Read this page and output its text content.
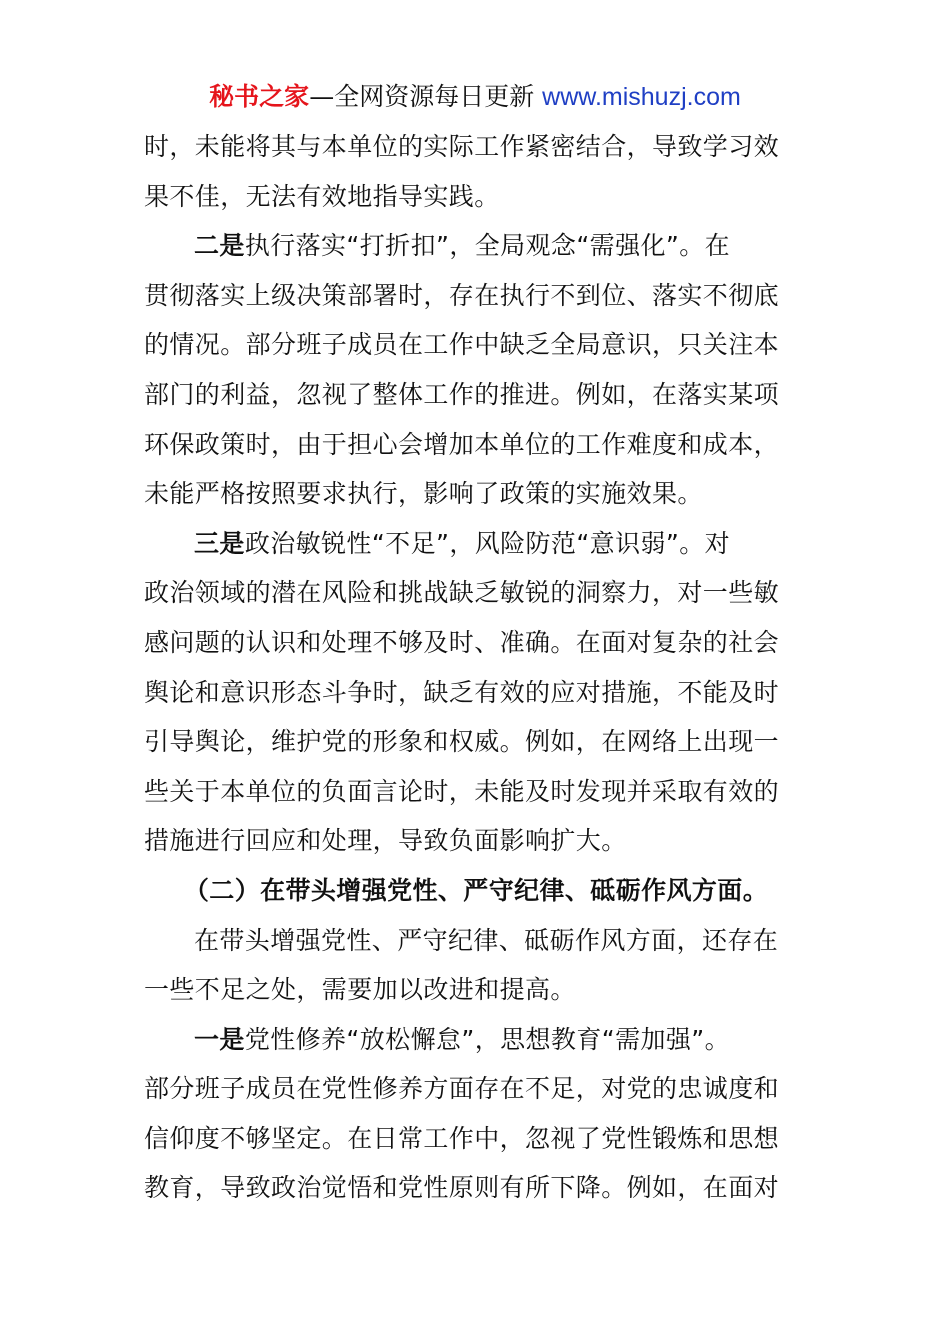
秘书之家—全网资源每日更新 www.mishuzj.com
时，未能将其与本单位的实际工作紧密结合，导致学习效
果不佳，无法有效地指导实践。
二是执行落实“打折扣”，全局观念“需强化”。在
贯彻落实上级决策部署时，存在执行不到位、落实不彻底
的情况。部分班子成员在工作中缺乏全局意识，只关注本
部门的利益，忽视了整体工作的推进。例如，在落实某项
环保政策时，由于担心会增加本单位的工作难度和成本，
未能严格按照要求执行，影响了政策的实施效果。
三是政治敏锐性“不足”，风险防范“意识弱”。对
政治领域的潜在风险和挑战缺乏敏锐的洞察力，对一些敏
感问题的认识和处理不够及时、准确。在面对复杂的社会
舆论和意识形态斗争时，缺乏有效的应对措施，不能及时
引导舆论，维护党的形象和权威。例如，在网络上出现一
些关于本单位的负面言论时，未能及时发现并采取有效的
措施进行回应和处理，导致负面影响扩大。
（二）在带头增强党性、严守纪律、砥砺作风方面。
在带头增强党性、严守纪律、砥砺作风方面，还存在
一些不足之处，需要加以改进和提高。
一是党性修养“放松懈怠”，思想教育“需加强”。
部分班子成员在党性修养方面存在不足，对党的忠诚度和
信仰度不够坚定。在日常工作中，忽视了党性锻炼和思想
教育，导致政治觉悟和党性原则有所下降。例如，在面对
